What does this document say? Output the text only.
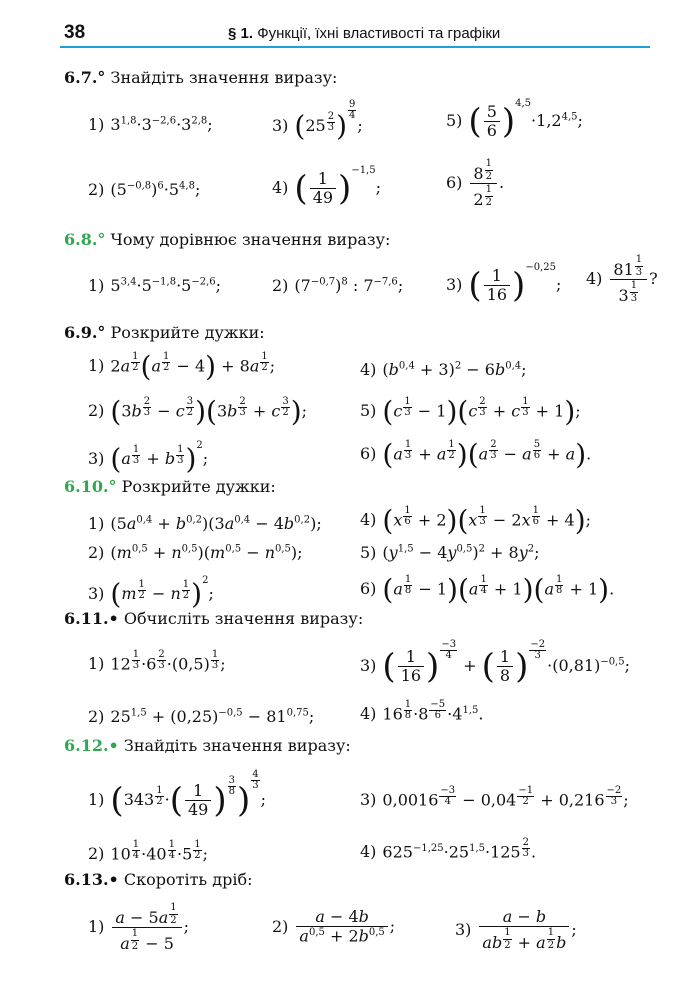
38	§ 1. Функції, їхні властивості та графіки
6.7.° Знайдіть значення виразу:
1) $3^{1,8}\cdot 3^{-2,6}\cdot 3^{2,8}$;	3) (25 $^{\frac{2}{3}}$ ) $^{\frac{9}{4}}$
;	5) ( $\frac{5}{6} )^{4,5}\cdot 1,2^{4,5}$;
2) $(5^{-0,8})^6\cdot 5^{4,8}$;	4) ( $\frac{1}{49} )^{-1,5}$;	6) 8 $^{\frac{1}{2}}$
2 $^{\frac{1}{2}}$ .
6.8.° Чому дорівнює значення виразу:
1) $5^{3,4}\cdot 5^{-1,8}\cdot 5^{-2,6}$;	2) $(7^{-0,7})^8$ : $7^{-7,6}$;	3) ( $\frac{1}{16} )^{-0,25}$; 4) 81 $^{\frac{1}{3}}$
3 $^{\frac{1}{3}}$ ?
6.9.° Розкрийте дужки:
1) 2a $^{\frac{1}{2}}$ (a $^{\frac{1}{2}}$ − 4) + 8a $^{\frac{1}{2}}$ ;	4) $(b^{0,4} + 3)^2 - 6b^{0,4}$;
2) (3b $^{\frac{2}{3}}$ − c $^{\frac{3}{2}}$ )(3b $^{\frac{2}{3}}$ + c $^{\frac{3}{2}}$ );	5) (c $^{\frac{1}{3}}$ − 1)(c $^{\frac{2}{3}}$ + c $^{\frac{1}{3}}$ + 1);
3) (a $^{\frac{1}{3}}$ + b $^{\frac{1}{3}}$ )$^2$;	6) (a $^{\frac{1}{3}}$ + a $^{\frac{1}{2}}$ )(a $^{\frac{2}{3}}$ − a $^{\frac{5}{6}}$ + a).
6.10.° Розкрийте дужки:
1) $(5a^{0,4} + b^{0,2})(3a^{0,4} - 4b^{0,2})$; 4) (x $^{\frac{1}{6}}$ + 2)(x $^{\frac{1}{3}}$ − 2x $^{\frac{1}{6}}$ + 4);
2) $(m^{0,5} + n^{0,5})(m^{0,5} - n^{0,5})$;	5) $(y^{1,5} - 4y^{0,5})^2 + 8y^2$;
3) (m $^{\frac{1}{2}}$ − n $^{\frac{1}{2}}$ )$^2$;	6) (a $^{\frac{1}{8}}$ − 1)(a $^{\frac{1}{4}}$ + 1)(a $^{\frac{1}{8}}$ + 1).
6.11.• Обчисліть значення виразу:
1) 12 $^{\frac{1}{3}}$ ·6 $^{\frac{2}{3}}$ ·(0,5) $^{\frac{1}{3}}$ ;	3) ( $\frac{1}{16}$ ) $^{\frac{-3}{4}}$
+ ( $\frac{1}{8}$ ) $^{\frac{-2}{3}}$
$\cdot(0,81)^{-0,5}$;
2) $25^{1,5} + (0,25)^{-0,5} - 81^{0,75}$;	4) 16 $^{\frac{1}{8}}$ ·8 $^{\frac{-5}{6}} \cdot 4^{1,5}$.
6.12.• Знайдіть значення виразу:
1) (343 $^{\frac{1}{2}}$ ·( $\frac{1}{49}$ ) $^{\frac{3}{8}}$ ) $^{\frac{4}{3}}$
;	3) 0,0016 $^{\frac{-3}{4}}$ − 0,04 $^{\frac{-1}{2}}$ + 0,216 $^{\frac{-2}{3}}$ ;
2) 10 $^{\frac{1}{4}}$ ·40 $^{\frac{1}{4}}$ ·5 $^{\frac{1}{2}}$ ;	4) $625^{-1,25}\cdot 25^{1,5}\cdot 125$ $^{\frac{2}{3}}$ .
6.13.• Скоротіть дріб:
1) a − 5a $^{\frac{1}{2}}$
a $^{\frac{1}{2}}$ − 5 ;	$2) \frac{a - 4b}{a^{0,5} + 2b^{0,5}}$ ;	3) a − b
ab $^{\frac{1}{2}}$ + a $^{\frac{1}{2}}$ b ;
